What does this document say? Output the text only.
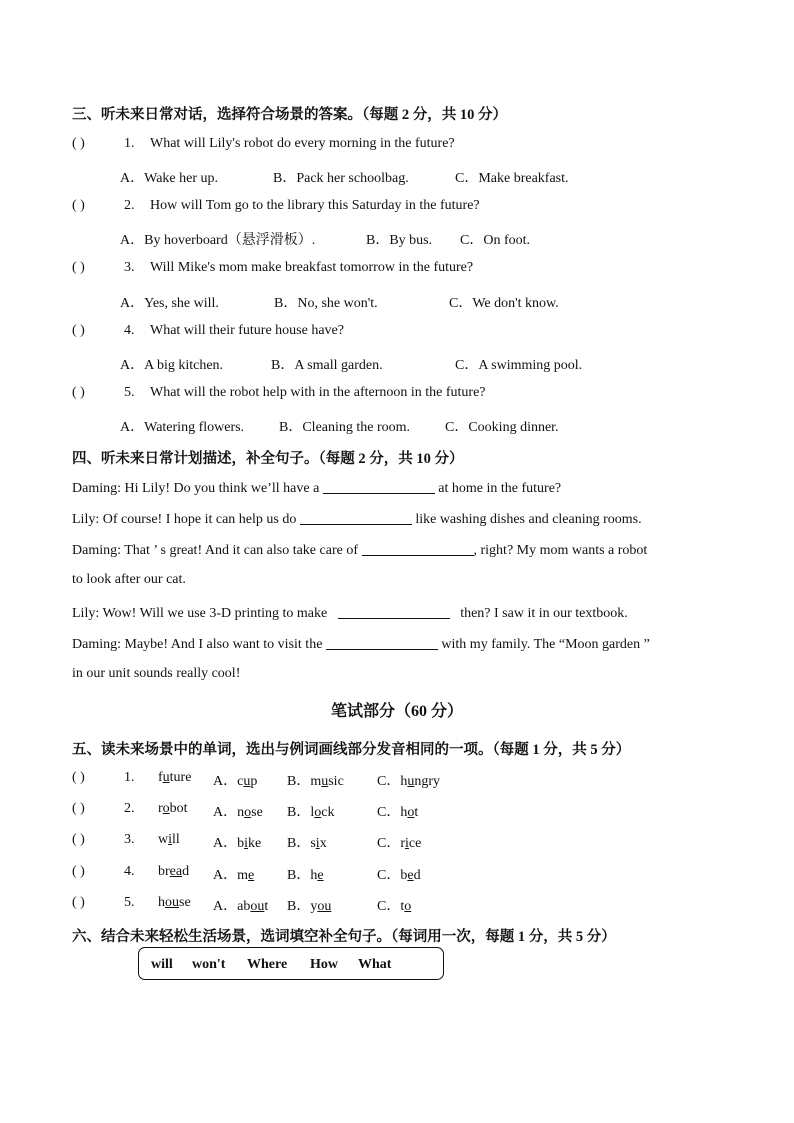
三、听未来日常对话，选择符合场景的答案。（每题 2 分，共 10 分）
( )	1. What will Lily's robot do every morning in the future?
A．Wake her up.	B．Pack her schoolbag.	C．Make breakfast.
( )	2. How will Tom go to the library this Saturday in the future?
A．By hoverboard（悬浮滑板）.	B．By bus. C．On foot.
( )	3. Will Mike's mom make breakfast tomorrow in the future?
A．Yes, she will.	B．No, she won't.	C．We don't know.
( )	4. What will their future house have?
A．A big kitchen.	B．A small garden.	C．A swimming pool.
( )	5. What will the robot help with in the afternoon in the future?
A．Watering flowers. B．Cleaning the room. C．Cooking dinner.
四、听未来日常计划描述，补全句子。（每题 2 分，共 10 分）
Daming: Hi Lily! Do you think we’ll have a	at home in the future?
Lily: Of course! I hope it can help us do	like washing dishes and cleaning rooms.
Daming: That ’ s great! And it can also take care of	, right? My mom wants a robot
to look after our cat.
Lily: Wow! Will we use 3-D printing to make	then? I saw it in our textbook.
Daming: Maybe! And I also want to visit the	with my family. The “Moon garden ”
in our unit sounds really cool!
笔试部分（60 分）
五、读未来场景中的单词，选出与例词画线部分发音相同的一项。（每题 1 分，共 5 分）
( )	1. future A．cup B．music C．hungry
( )	2. robot A．nose B．lock	C．hot
( )	3. will A．bike B．six	C．rice
( )	4. bread A．me B．he	C．bed
( )	5. house A．about B．you	C．to
六、结合未来轻松生活场景，选词填空补全句子。（每词用一次，每题 1 分，共 5 分）
will won't Where How What
